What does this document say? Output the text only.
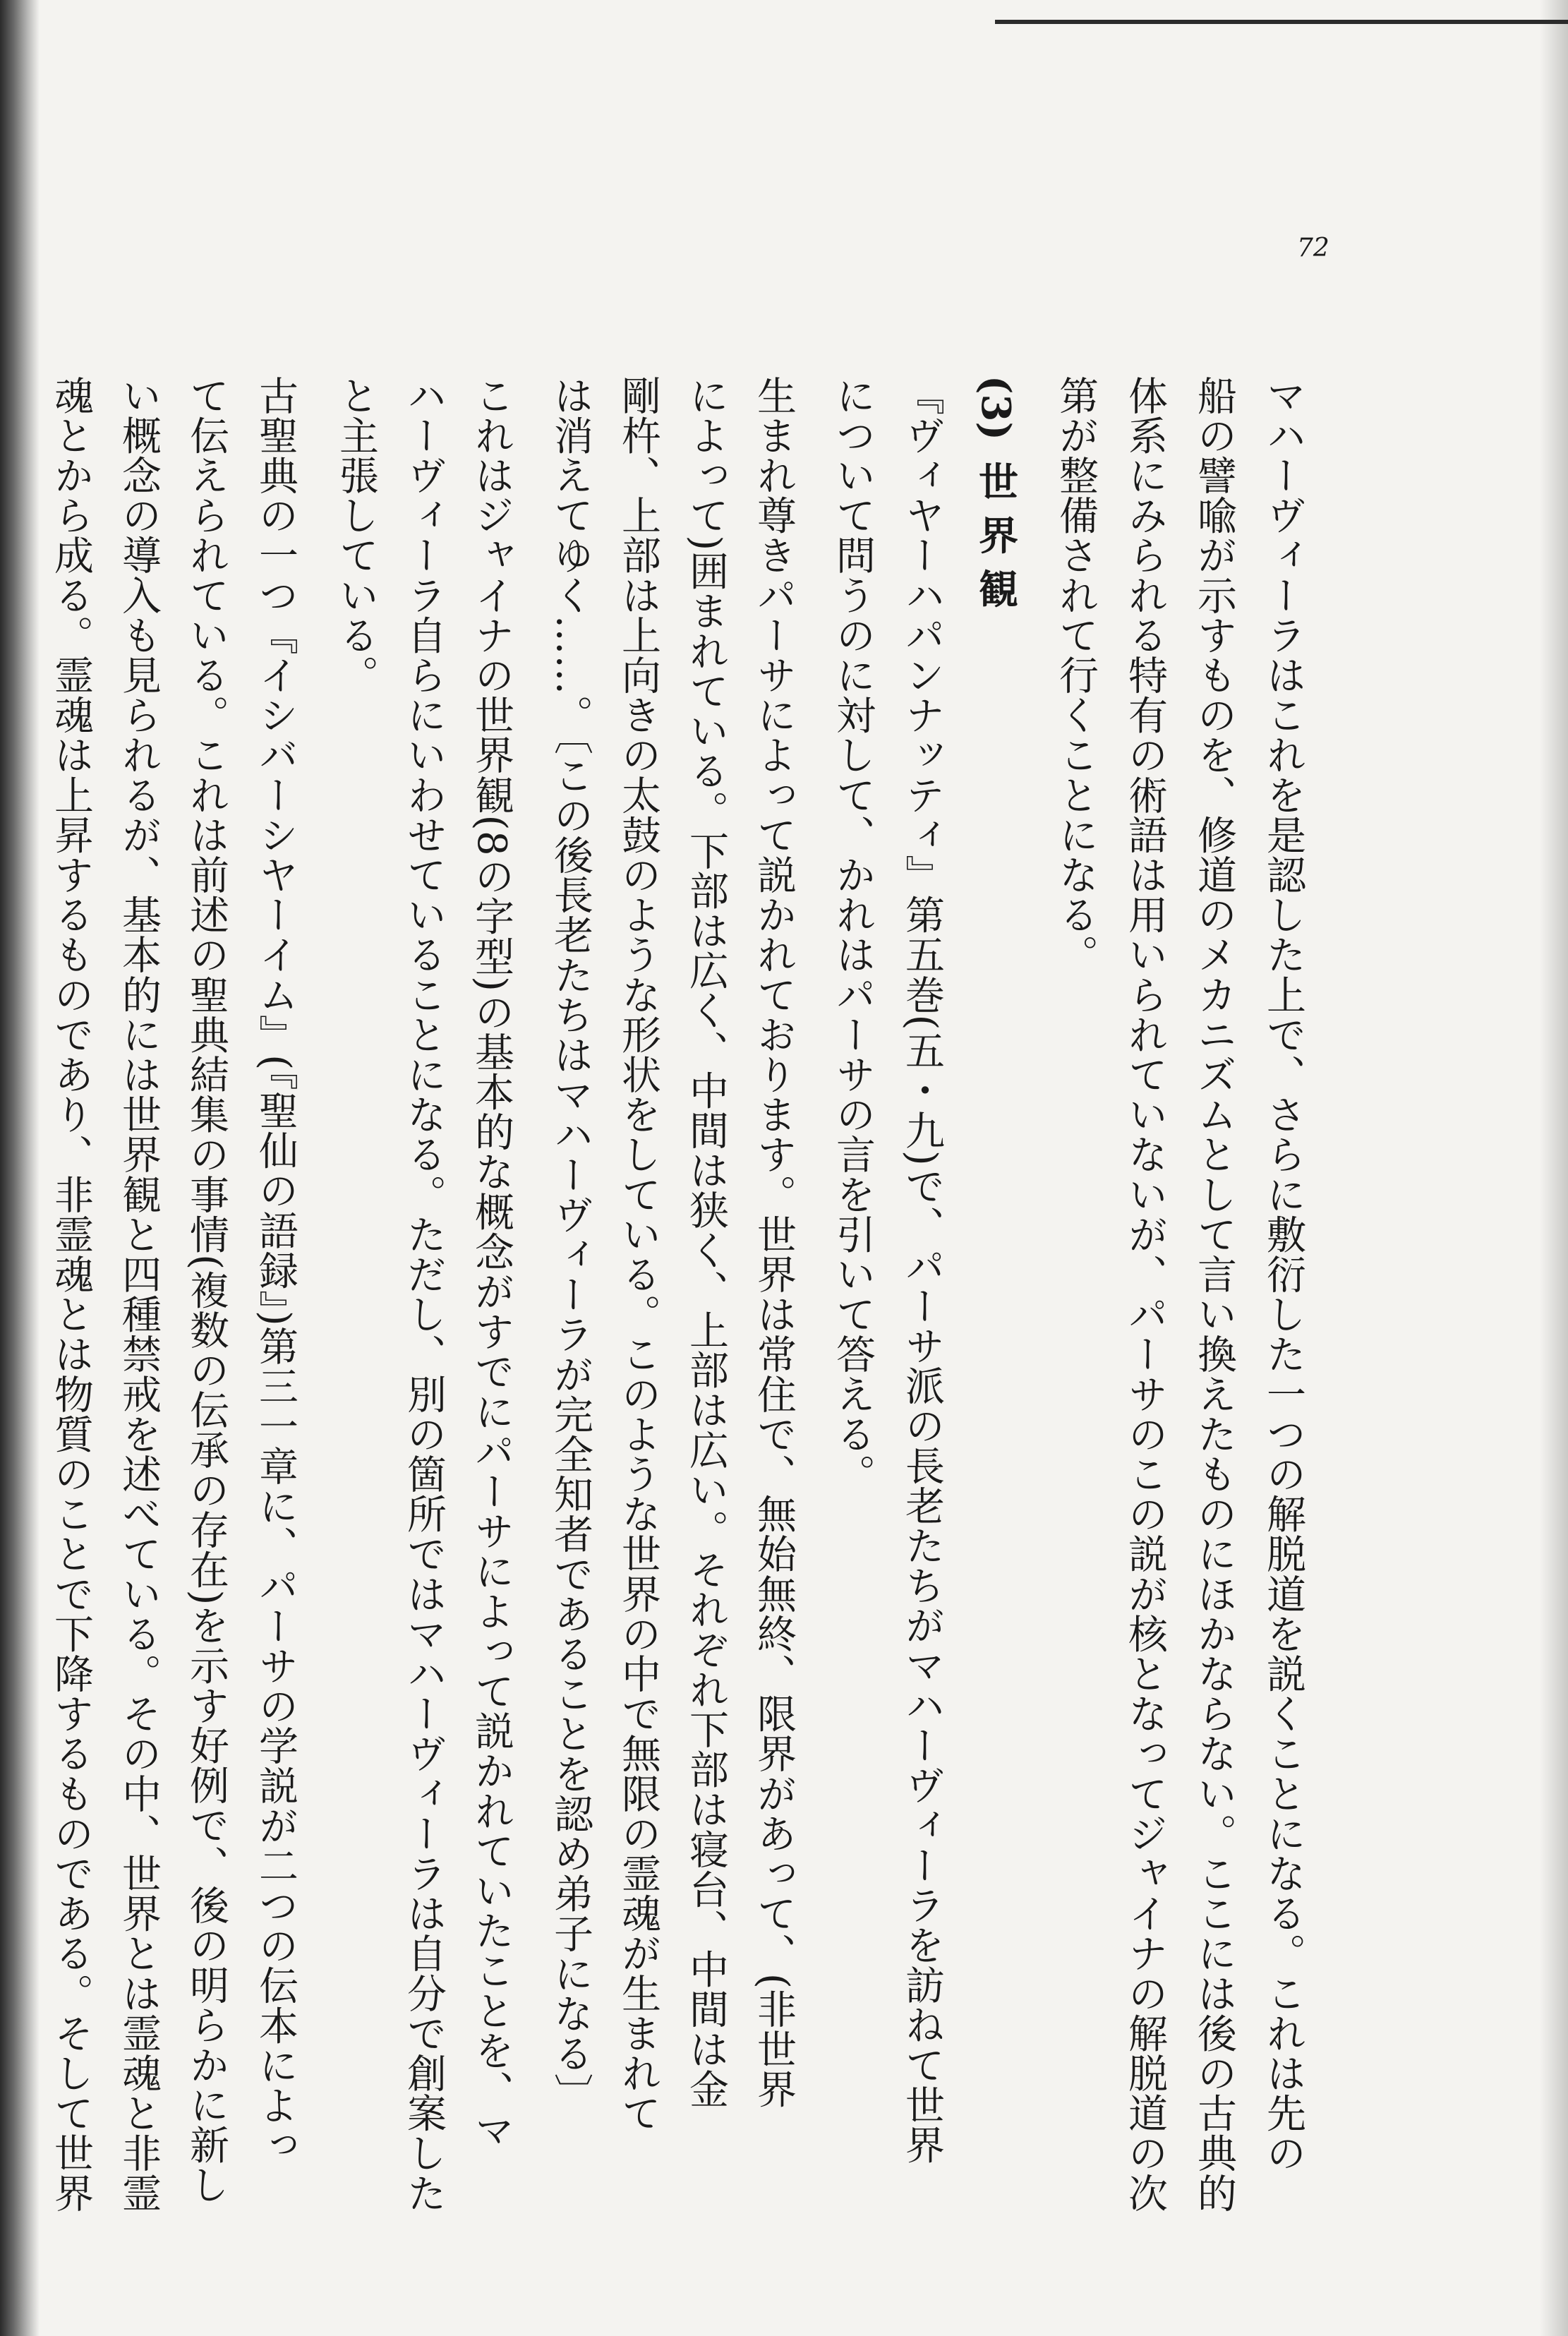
72
マハーヴィーラはこれを是認した上で、さらに敷衍した一つの解脱道を説くことになる。これは先の
船の譬喩が示すものを、修道のメカニズムとして言い換えたものにほかならない。ここには後の古典的
体系にみられる特有の術語は用いられていないが、パーサのこの説が核となってジャイナの解脱道の次
第が整備されて行くことになる。
(3)世界観
『ヴィヤーハパンナッティ』第五巻(五・九)で、パーサ派の長老たちがマハーヴィーラを訪ねて世界
について問うのに対して、かれはパーサの言を引いて答える。
生まれ尊きパーサによって説かれております。世界は常住で、無始無終、限界があって、(非世界
によって)囲まれている。下部は広く、中間は狭く、上部は広い。それぞれ下部は寝台、中間は金
剛杵、上部は上向きの太鼓のような形状をしている。このような世界の中で無限の霊魂が生まれて
は消えてゆく……。〔この後長老たちはマハーヴィーラが完全知者であることを認め弟子になる〕
これはジャイナの世界観(8の字型)の基本的な概念がすでにパーサによって説かれていたことを、マ
ハーヴィーラ自らにいわせていることになる。ただし、別の箇所ではマハーヴィーラは自分で創案した
と主張している。
古聖典の一つ『イシバーシヤーイム』(『聖仙の語録』)第三一章に、パーサの学説が二つの伝本によっ
て伝えられている。これは前述の聖典結集の事情(複数の伝承の存在)を示す好例で、後の明らかに新し
い概念の導入も見られるが、基本的には世界観と四種禁戒を述べている。その中、世界とは霊魂と非霊
魂とから成る。霊魂は上昇するものであり、非霊魂とは物質のことで下降するものである。そして世界
